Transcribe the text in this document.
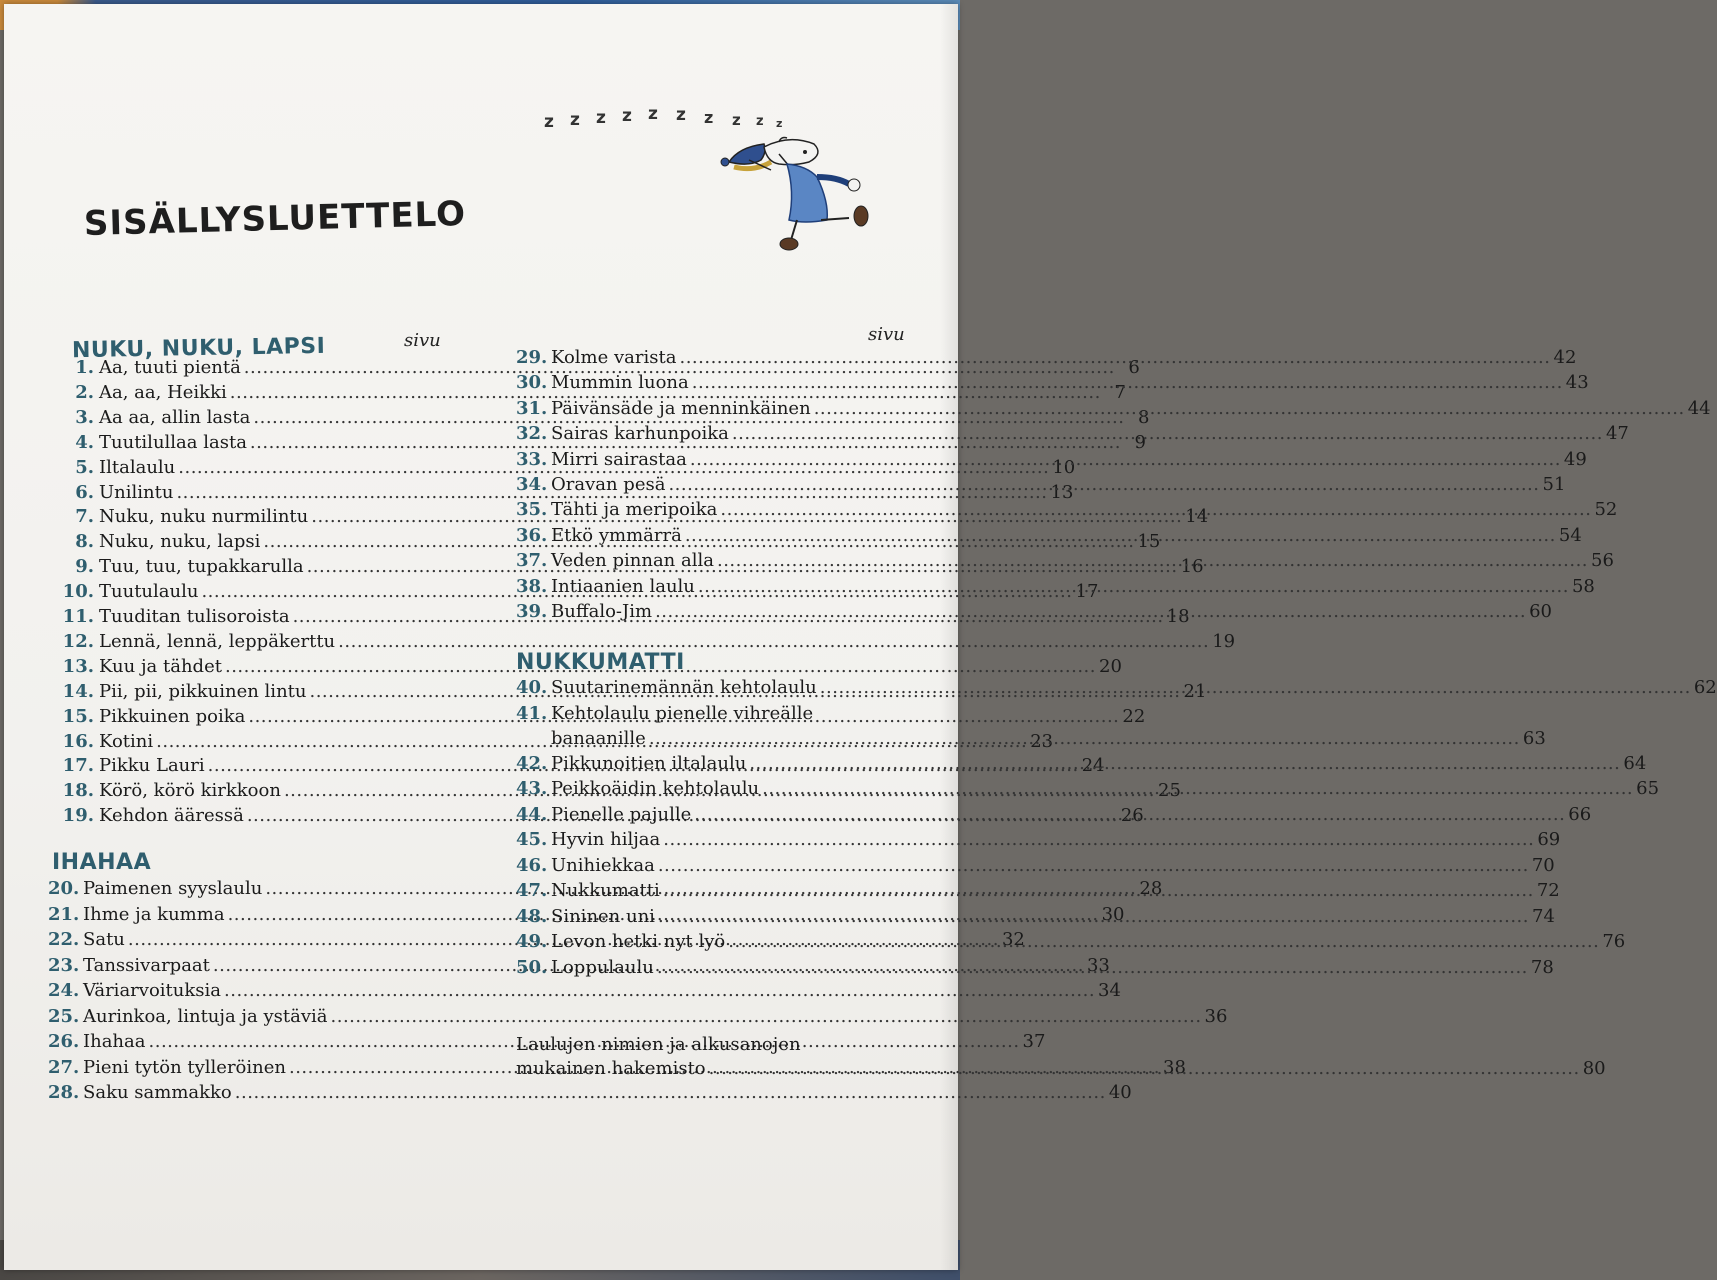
z z z z z z z z z z
SISÄLLYSLUETTELO
NUKU, NUKU, LAPSI	sivu	sivu
IHAHAA
NUKKUMATTI
1. Aa, tuuti pientä .....	6
2. Aa, aa, Heikki .....	7
3. Aa aa, allin lasta .....	8
4. Tuutilullaa lasta .....	9
5. Iltalaulu .....	10
6. Unilintu .....	13
7. Nuku, nuku nurmilintu .....	14
8. Nuku, nuku, lapsi .....	15
9. Tuu, tuu, tupakkarulla .....	16
10. Tuutulaulu .....	17
11. Tuuditan tulisoroista .....	18
12. Lennä, lennä, leppäkerttu .....	19
13. Kuu ja tähdet .....	20
14. Pii, pii, pikkuinen lintu .....	21
15. Pikkuinen poika .....	22
16. Kotini .....	23
17. Pikku Lauri .....	24
18. Körö, körö kirkkoon .....	25
19. Kehdon ääressä .....	26
20. Paimenen syyslaulu .....	28
21. Ihme ja kumma .....	30
22. Satu .....	32
23. Tanssivarpaat .....	33
24. Väriarvoituksia .....	34
25. Aurinkoa, lintuja ja ystäviä .....	36
26. Ihahaa .....	37
27. Pieni tytön tylleröinen .....	38
28. Saku sammakko .....	40
29. Kolme varista .....	42
30. Mummin luona .....	43
31. Päivänsäde ja menninkäinen .....	44
32. Sairas karhunpoika .....	47
33. Mirri sairastaa .....	49
34. Oravan pesä .....	51
35. Tähti ja meripoika .....	52
36. Etkö ymmärrä .....	54
37. Veden pinnan alla .....	56
38. Intiaanien laulu .....	58
39. Buffalo-Jim .....	60
40. Suutarinemännän kehtolaulu .....	62
41. Kehtolaulu pienelle vihreälle
banaanille .....	63
42. Pikkunoitien iltalaulu .....	64
43. Peikkoäidin kehtolaulu .....	65
44. Pienelle pajulle .....	66
45. Hyvin hiljaa .....	69
46. Unihiekkaa .....	70
47. Nukkumatti .....	72
48. Sininen uni .....	74
49. Levon hetki nyt lyö .....	76
50. Loppulaulu .....	78
Laulujen nimien ja alkusanojen
mukainen hakemisto .....	80
